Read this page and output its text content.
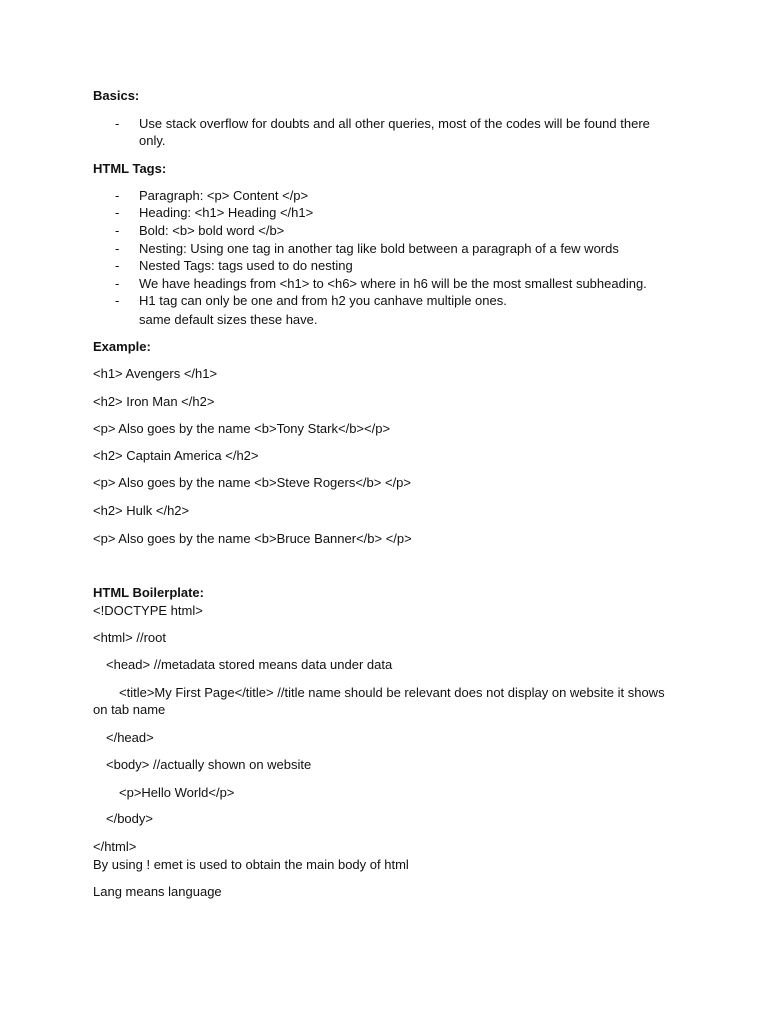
Basics:
- Use stack overflow for doubts and all other queries, most of the codes will be found there
only.
HTML Tags:
- Paragraph: <p> Content </p>
- Heading: <h1> Heading </h1>
- Bold: <b> bold word </b>
- Nesting: Using one tag in another tag like bold between a paragraph of a few words
- Nested Tags: tags used to do nesting
- We have headings from <h1> to <h6> where in h6 will be the most smallest subheading.
- H1 tag can only be one and from h2 you canhave multiple ones.
same default sizes these have.
Example:
<h1> Avengers </h1>
<h2> Iron Man </h2>
<p> Also goes by the name <b>Tony Stark</b></p>
<h2> Captain America </h2>
<p> Also goes by the name <b>Steve Rogers</b> </p>
<h2> Hulk </h2>
<p> Also goes by the name <b>Bruce Banner</b> </p>
HTML Boilerplate:
<!DOCTYPE html>
<html> //root
<head> //metadata stored means data under data
<title>My First Page</title> //title name should be relevant does not display on website it shows
on tab name
</head>
<body> //actually shown on website
<p>Hello World</p>
</body>
</html>
By using ! emet is used to obtain the main body of html
Lang means language
